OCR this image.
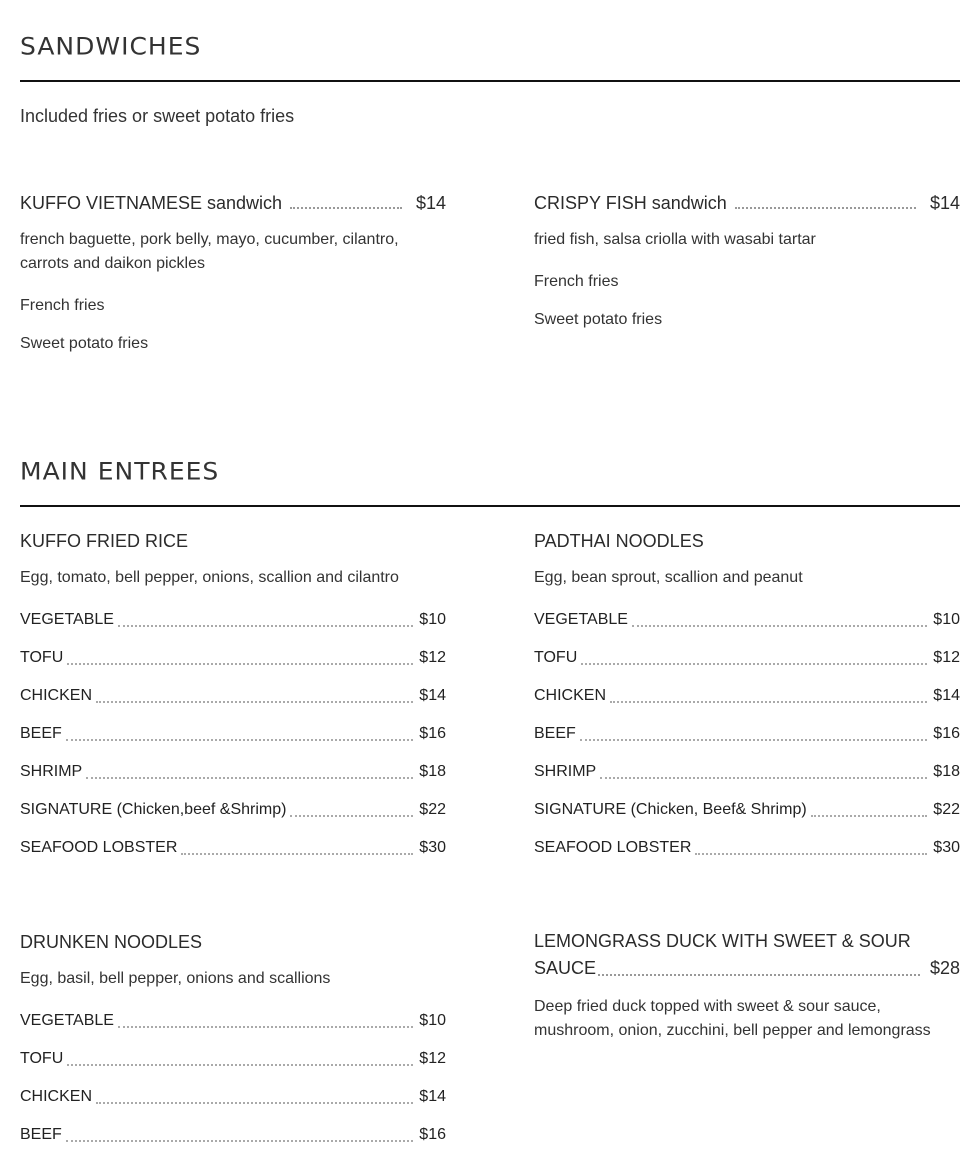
SANDWICHES
Included fries or sweet potato fries
KUFFO VIETNAMESE sandwich	$14
french baguette, pork belly, mayo, cucumber, cilantro, carrots and daikon pickles
French fries
Sweet potato fries
CRISPY FISH sandwich	$14
fried fish, salsa criolla with wasabi tartar
French fries
Sweet potato fries
MAIN ENTREES
KUFFO FRIED RICE
Egg, tomato, bell pepper, onions, scallion and cilantro
VEGETABLE	$10
TOFU	$12
CHICKEN	$14
BEEF	$16
SHRIMP	$18
SIGNATURE (Chicken,beef &Shrimp)	$22
SEAFOOD LOBSTER	$30
PADTHAI NOODLES
Egg, bean sprout, scallion and peanut
VEGETABLE	$10
TOFU	$12
CHICKEN	$14
BEEF	$16
SHRIMP	$18
SIGNATURE (Chicken, Beef& Shrimp)	$22
SEAFOOD LOBSTER	$30
DRUNKEN NOODLES
Egg, basil, bell pepper, onions and scallions
VEGETABLE	$10
TOFU	$12
CHICKEN	$14
BEEF	$16
LEMONGRASS DUCK WITH SWEET & SOUR SAUCE	$28
Deep fried duck topped with sweet & sour sauce, mushroom, onion, zucchini, bell pepper and lemongrass
